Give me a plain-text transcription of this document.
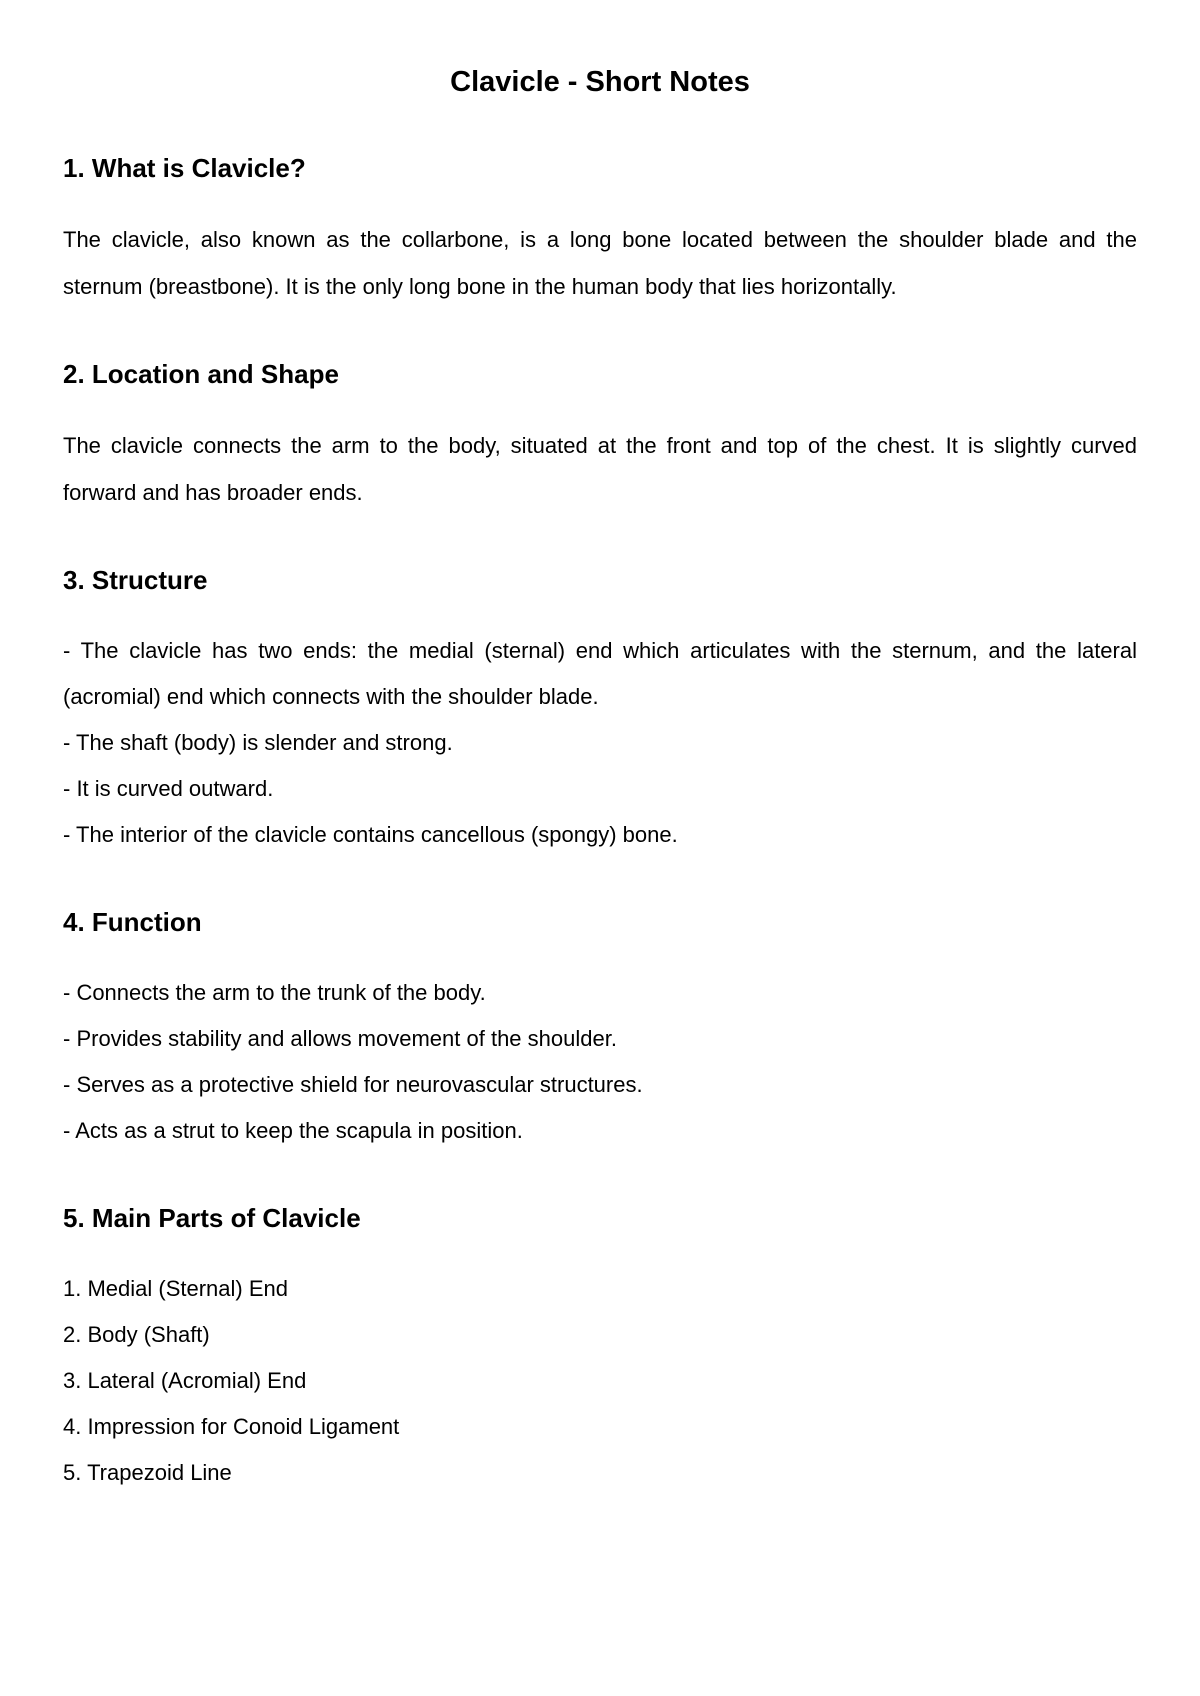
Clavicle - Short Notes
1. What is Clavicle?

The clavicle, also known as the collarbone, is a long bone located between the shoulder blade and the sternum (breastbone). It is the only long bone in the human body that lies horizontally.

2. Location and Shape

The clavicle connects the arm to the body, situated at the front and top of the chest. It is slightly curved forward and has broader ends.

3. Structure

- The clavicle has two ends: the medial (sternal) end which articulates with the sternum, and the lateral (acromial) end which connects with the shoulder blade.

- The shaft (body) is slender and strong.

- It is curved outward.

- The interior of the clavicle contains cancellous (spongy) bone.

4. Function

- Connects the arm to the trunk of the body.

- Provides stability and allows movement of the shoulder.

- Serves as a protective shield for neurovascular structures.

- Acts as a strut to keep the scapula in position.

5. Main Parts of Clavicle

1. Medial (Sternal) End

2. Body (Shaft)

3. Lateral (Acromial) End

4. Impression for Conoid Ligament

5. Trapezoid Line
